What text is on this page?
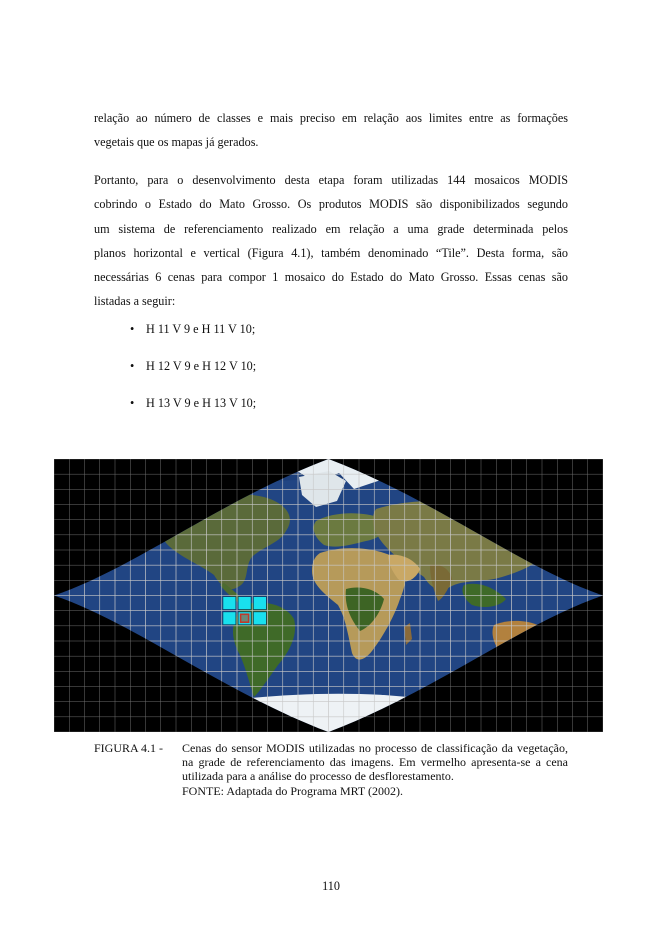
relação ao número de classes e mais preciso em relação aos limites entre as formações
vegetais que os mapas já gerados.
Portanto, para o desenvolvimento desta etapa foram utilizadas 144 mosaicos MODIS
cobrindo o Estado do Mato Grosso. Os produtos MODIS são disponibilizados segundo
um sistema de referenciamento realizado em relação a uma grade determinada pelos
planos horizontal e vertical (Figura 4.1), também denominado “Tile”. Desta forma, são
necessárias 6 cenas para compor 1 mosaico do Estado do Mato Grosso. Essas cenas são
listadas a seguir:
• H 11 V 9 e H 11 V 10;
• H 12 V 9 e H 12 V 10;
• H 13 V 9 e H 13 V 10;
FIGURA 4.1 -	Cenas do sensor MODIS utilizadas no processo de classificação da vegetação, na grade de referenciamento das imagens. Em vermelho apresenta-se a cena utilizada para a análise do processo de desflorestamento.
FONTE: Adaptada do Programa MRT (2002).
110
